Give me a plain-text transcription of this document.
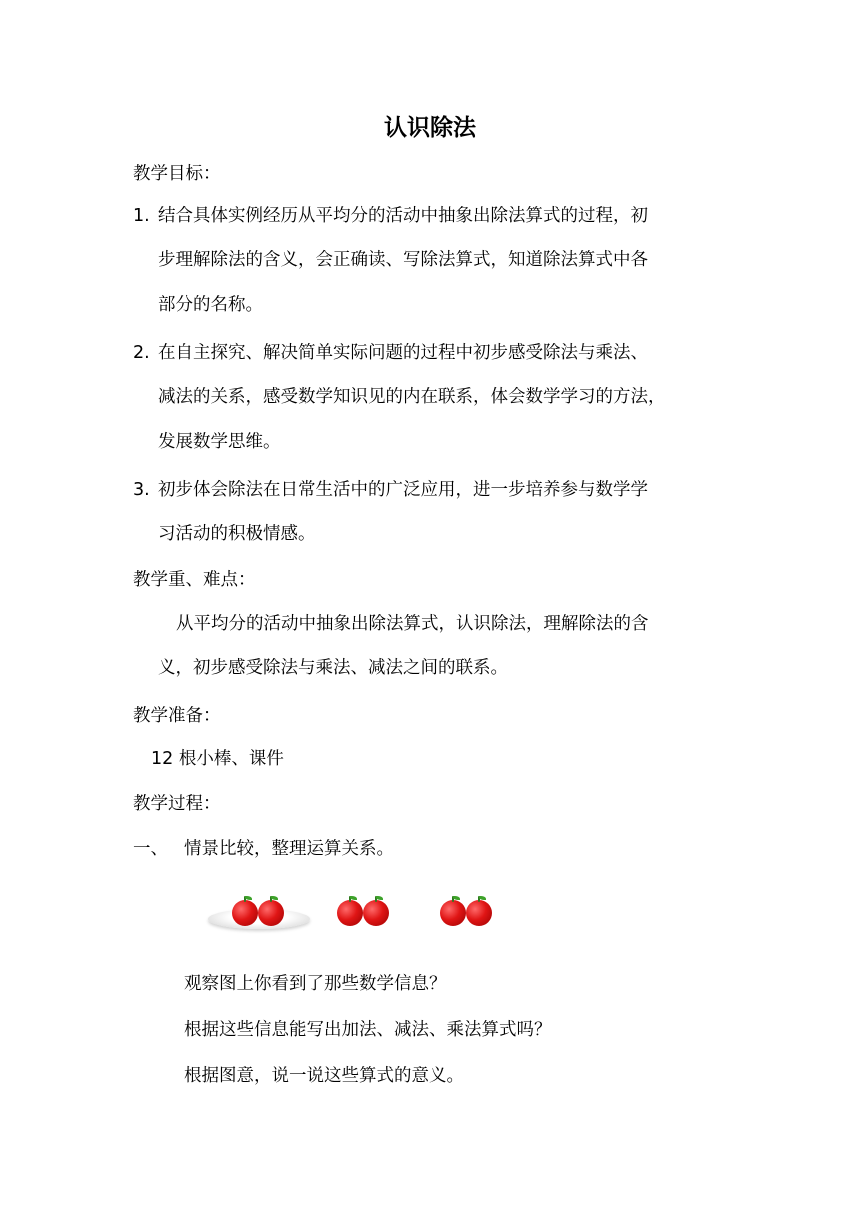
认识除法
教学目标：
1. 结合具体实例经历从平均分的活动中抽象出除法算式的过程，初
步理解除法的含义，会正确读、写除法算式，知道除法算式中各
部分的名称。
2. 在自主探究、解决简单实际问题的过程中初步感受除法与乘法、
减法的关系，感受数学知识见的内在联系，体会数学学习的方法，
发展数学思维。
3. 初步体会除法在日常生活中的广泛应用，进一步培养参与数学学
习活动的积极情感。
教学重、难点：
从平均分的活动中抽象出除法算式，认识除法，理解除法的含
义，初步感受除法与乘法、减法之间的联系。
教学准备：
12 根小棒、课件
教学过程：
一、 情景比较，整理运算关系。
观察图上你看到了那些数学信息？
根据这些信息能写出加法、减法、乘法算式吗？
根据图意，说一说这些算式的意义。
